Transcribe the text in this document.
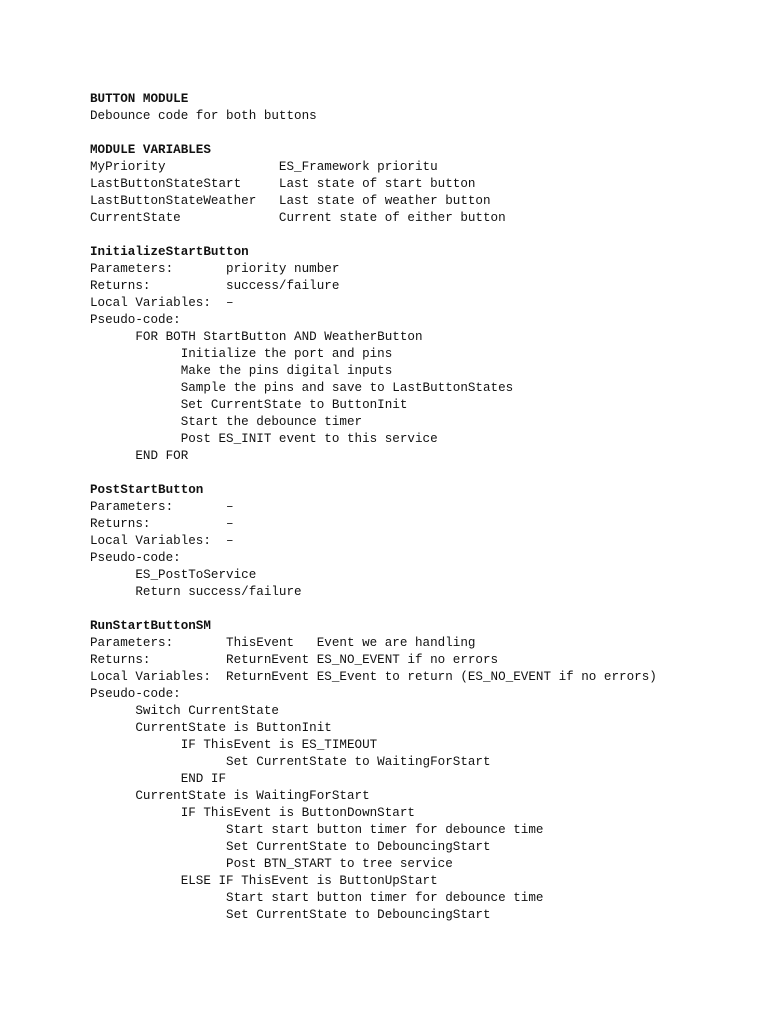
BUTTON MODULE
Debounce code for both buttons
MODULE VARIABLES
MyPriority               ES_Framework prioritu
LastButtonStateStart     Last state of start button
LastButtonStateWeather   Last state of weather button
CurrentState             Current state of either button
InitializeStartButton
Parameters:       priority number
Returns:          success/failure
Local Variables:  –
Pseudo-code:
FOR BOTH StartButton AND WeatherButton
Initialize the port and pins
Make the pins digital inputs
Sample the pins and save to LastButtonStates
Set CurrentState to ButtonInit
Start the debounce timer
Post ES_INIT event to this service
END FOR
PostStartButton
Parameters:       –
Returns:          –
Local Variables:  –
Pseudo-code:
ES_PostToService
Return success/failure
RunStartButtonSM
Parameters:       ThisEvent   Event we are handling
Returns:          ReturnEvent ES_NO_EVENT if no errors
Local Variables:  ReturnEvent ES_Event to return (ES_NO_EVENT if no errors)
Pseudo-code:
Switch CurrentState
CurrentState is ButtonInit
IF ThisEvent is ES_TIMEOUT
Set CurrentState to WaitingForStart
END IF
CurrentState is WaitingForStart
IF ThisEvent is ButtonDownStart
Start start button timer for debounce time
Set CurrentState to DebouncingStart
Post BTN_START to tree service
ELSE IF ThisEvent is ButtonUpStart
Start start button timer for debounce time
Set CurrentState to DebouncingStart
